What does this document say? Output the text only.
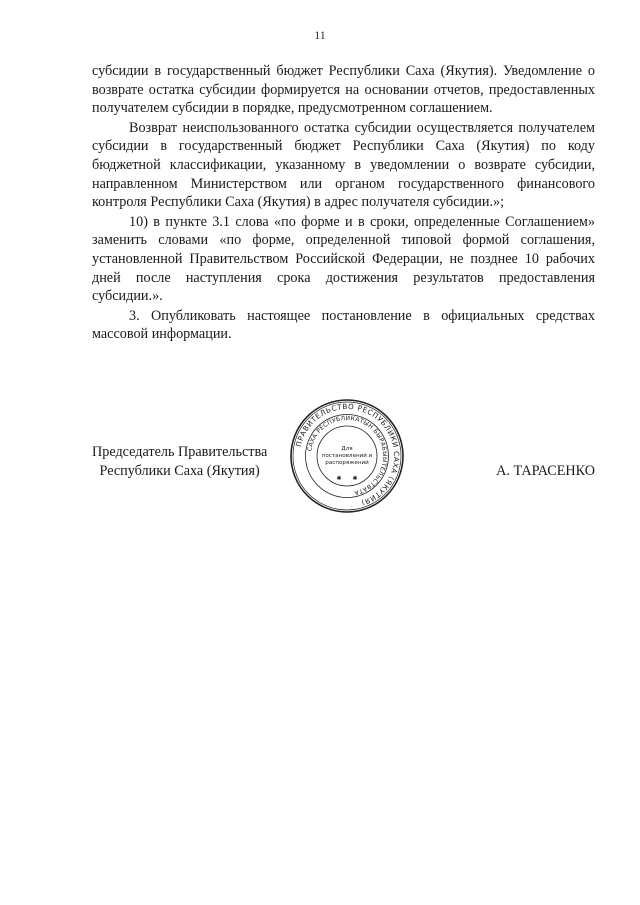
11

субсидии в государственный бюджет Республики Саха (Якутия). Уведомление о возврате остатка субсидии формируется на основании отчетов, предоставленных получателем субсидии в порядке, предусмотренном соглашением.

Возврат неиспользованного остатка субсидии осуществляется получателем субсидии в государственный бюджет Республики Саха (Якутия) по коду бюджетной классификации, указанному в уведомлении о возврате субсидии, направленном Министерством или органом государственного финансового контроля Республики Саха (Якутия) в адрес получателя субсидии.»;

10) в пункте 3.1 слова «по форме и в сроки, определенные Соглашением» заменить словами «по форме, определенной типовой формой соглашения, установленной Правительством Российской Федерации, не позднее 10 рабочих дней после наступления срока достижения результатов предоставления субсидии.».

3. Опубликовать настоящее постановление в официальных средствах массовой информации.

Председатель Правительства
Республики Саха (Якутия)	А. ТАРАСЕНКО
ПРАВИТЕЛЬСТВО РЕСПУБЛИКИ САХА (ЯКУТИЯ)
САХА РЕСПУБЛИКАТЫН БЫРАБЫЫТЕЛЬСТВАТА
Для
постановлений и
распоряжений
✱ ✱
